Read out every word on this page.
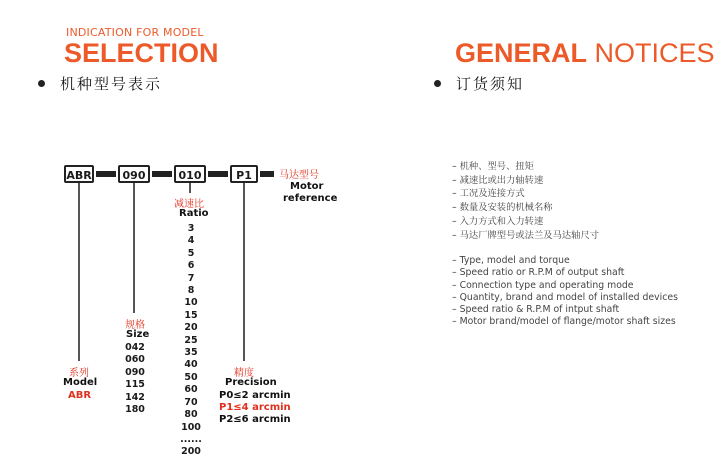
INDICATION FOR MODEL
SELECTION
机种型号表示
GENERAL NOTICES
订货须知
ABR	090	010	P1	马达型号
Motor
reference
减速比
Ratio
3
4
5
6
7
8
10
15
20
25
35
40
50
60
70
80
100
......
200
规格
Size
042
060
090
115
142
180
系列
Model
ABR
精度
Precision
P0≤2 arcmin
P1≤4 arcmin
P2≤6 arcmin
– 机种、型号、扭矩
– 减速比或出力轴转速
– 工况及连接方式
– 数量及安装的机械名称
– 入力方式和入力转速
– 马达厂牌型号或法兰及马达轴尺寸
– Type, model and torque
– Speed ratio or R.P.M of output shaft
– Connection type and operating mode
– Quantity, brand and model of installed devices
– Speed ratio & R.P.M of intput shaft
– Motor brand/model of flange/motor shaft sizes
